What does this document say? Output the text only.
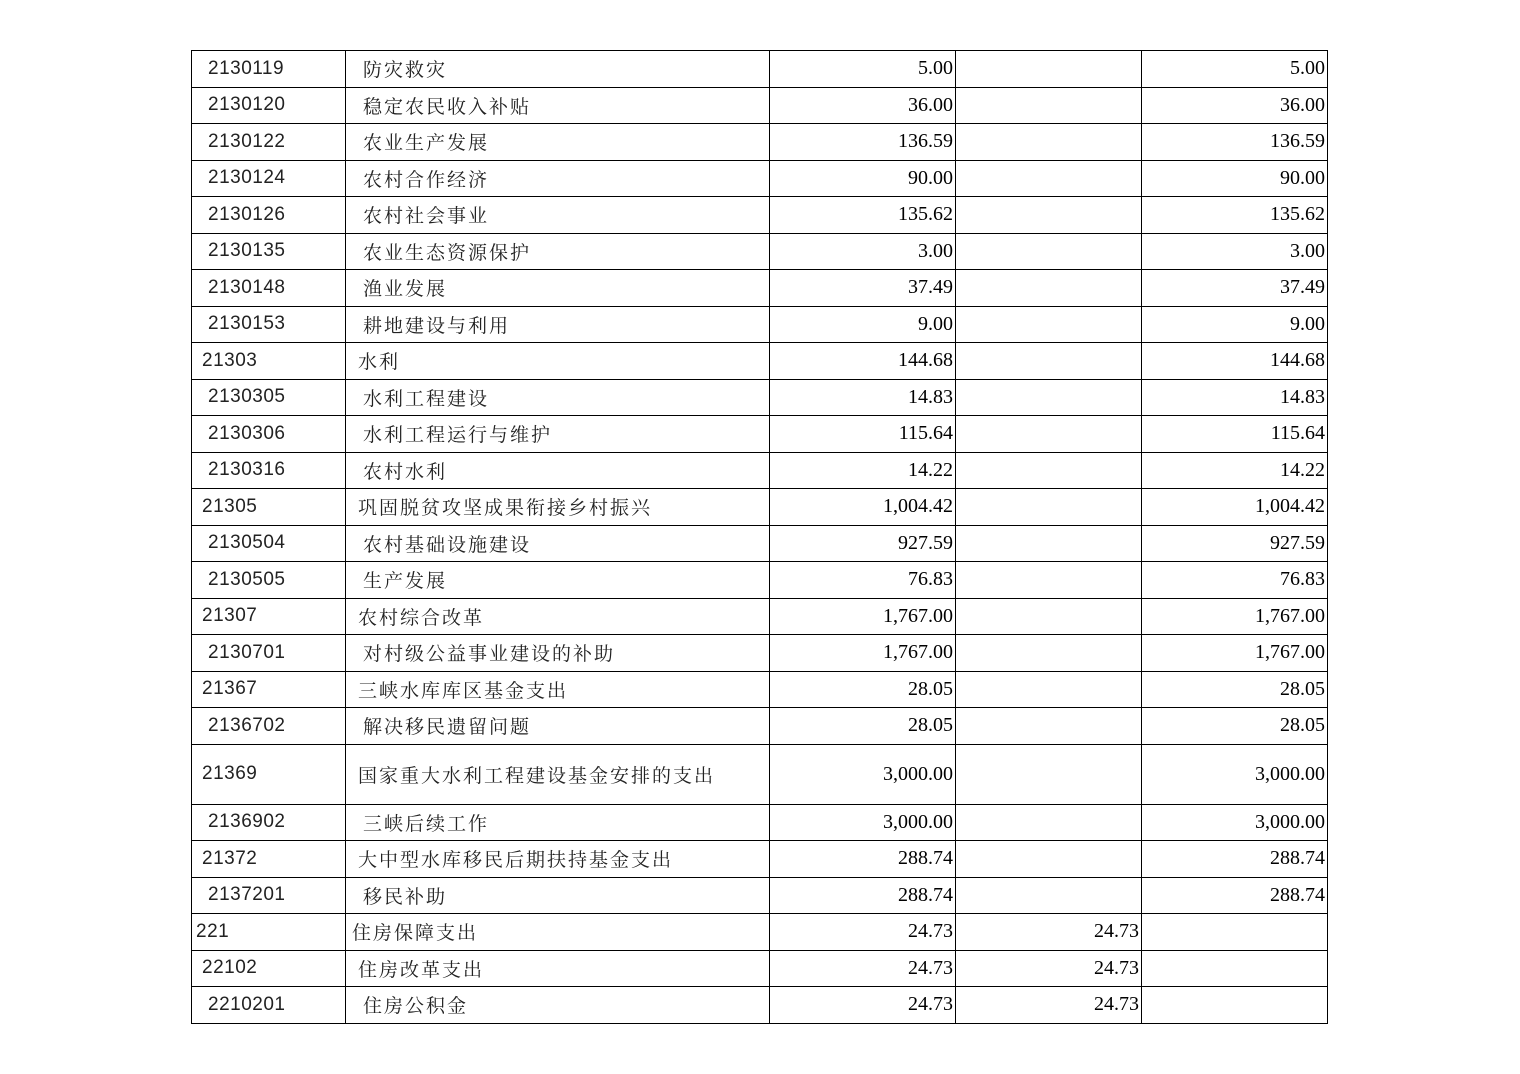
2130119	防灾救灾	5.00		5.00
2130120	稳定农民收入补贴	36.00		36.00
2130122	农业生产发展	136.59		136.59
2130124	农村合作经济	90.00		90.00
2130126	农村社会事业	135.62		135.62
2130135	农业生态资源保护	3.00		3.00
2130148	渔业发展	37.49		37.49
2130153	耕地建设与利用	9.00		9.00
21303	水利	144.68		144.68
2130305	水利工程建设	14.83		14.83
2130306	水利工程运行与维护	115.64		115.64
2130316	农村水利	14.22		14.22
21305	巩固脱贫攻坚成果衔接乡村振兴	1,004.42		1,004.42
2130504	农村基础设施建设	927.59		927.59
2130505	生产发展	76.83		76.83
21307	农村综合改革	1,767.00		1,767.00
2130701	对村级公益事业建设的补助	1,767.00		1,767.00
21367	三峡水库库区基金支出	28.05		28.05
2136702	解决移民遗留问题	28.05		28.05
21369	国家重大水利工程建设基金安排的支出	3,000.00		3,000.00
2136902	三峡后续工作	3,000.00		3,000.00
21372	大中型水库移民后期扶持基金支出	288.74		288.74
2137201	移民补助	288.74		288.74
221	住房保障支出	24.73	24.73	
22102	住房改革支出	24.73	24.73	
2210201	住房公积金	24.73	24.73	
